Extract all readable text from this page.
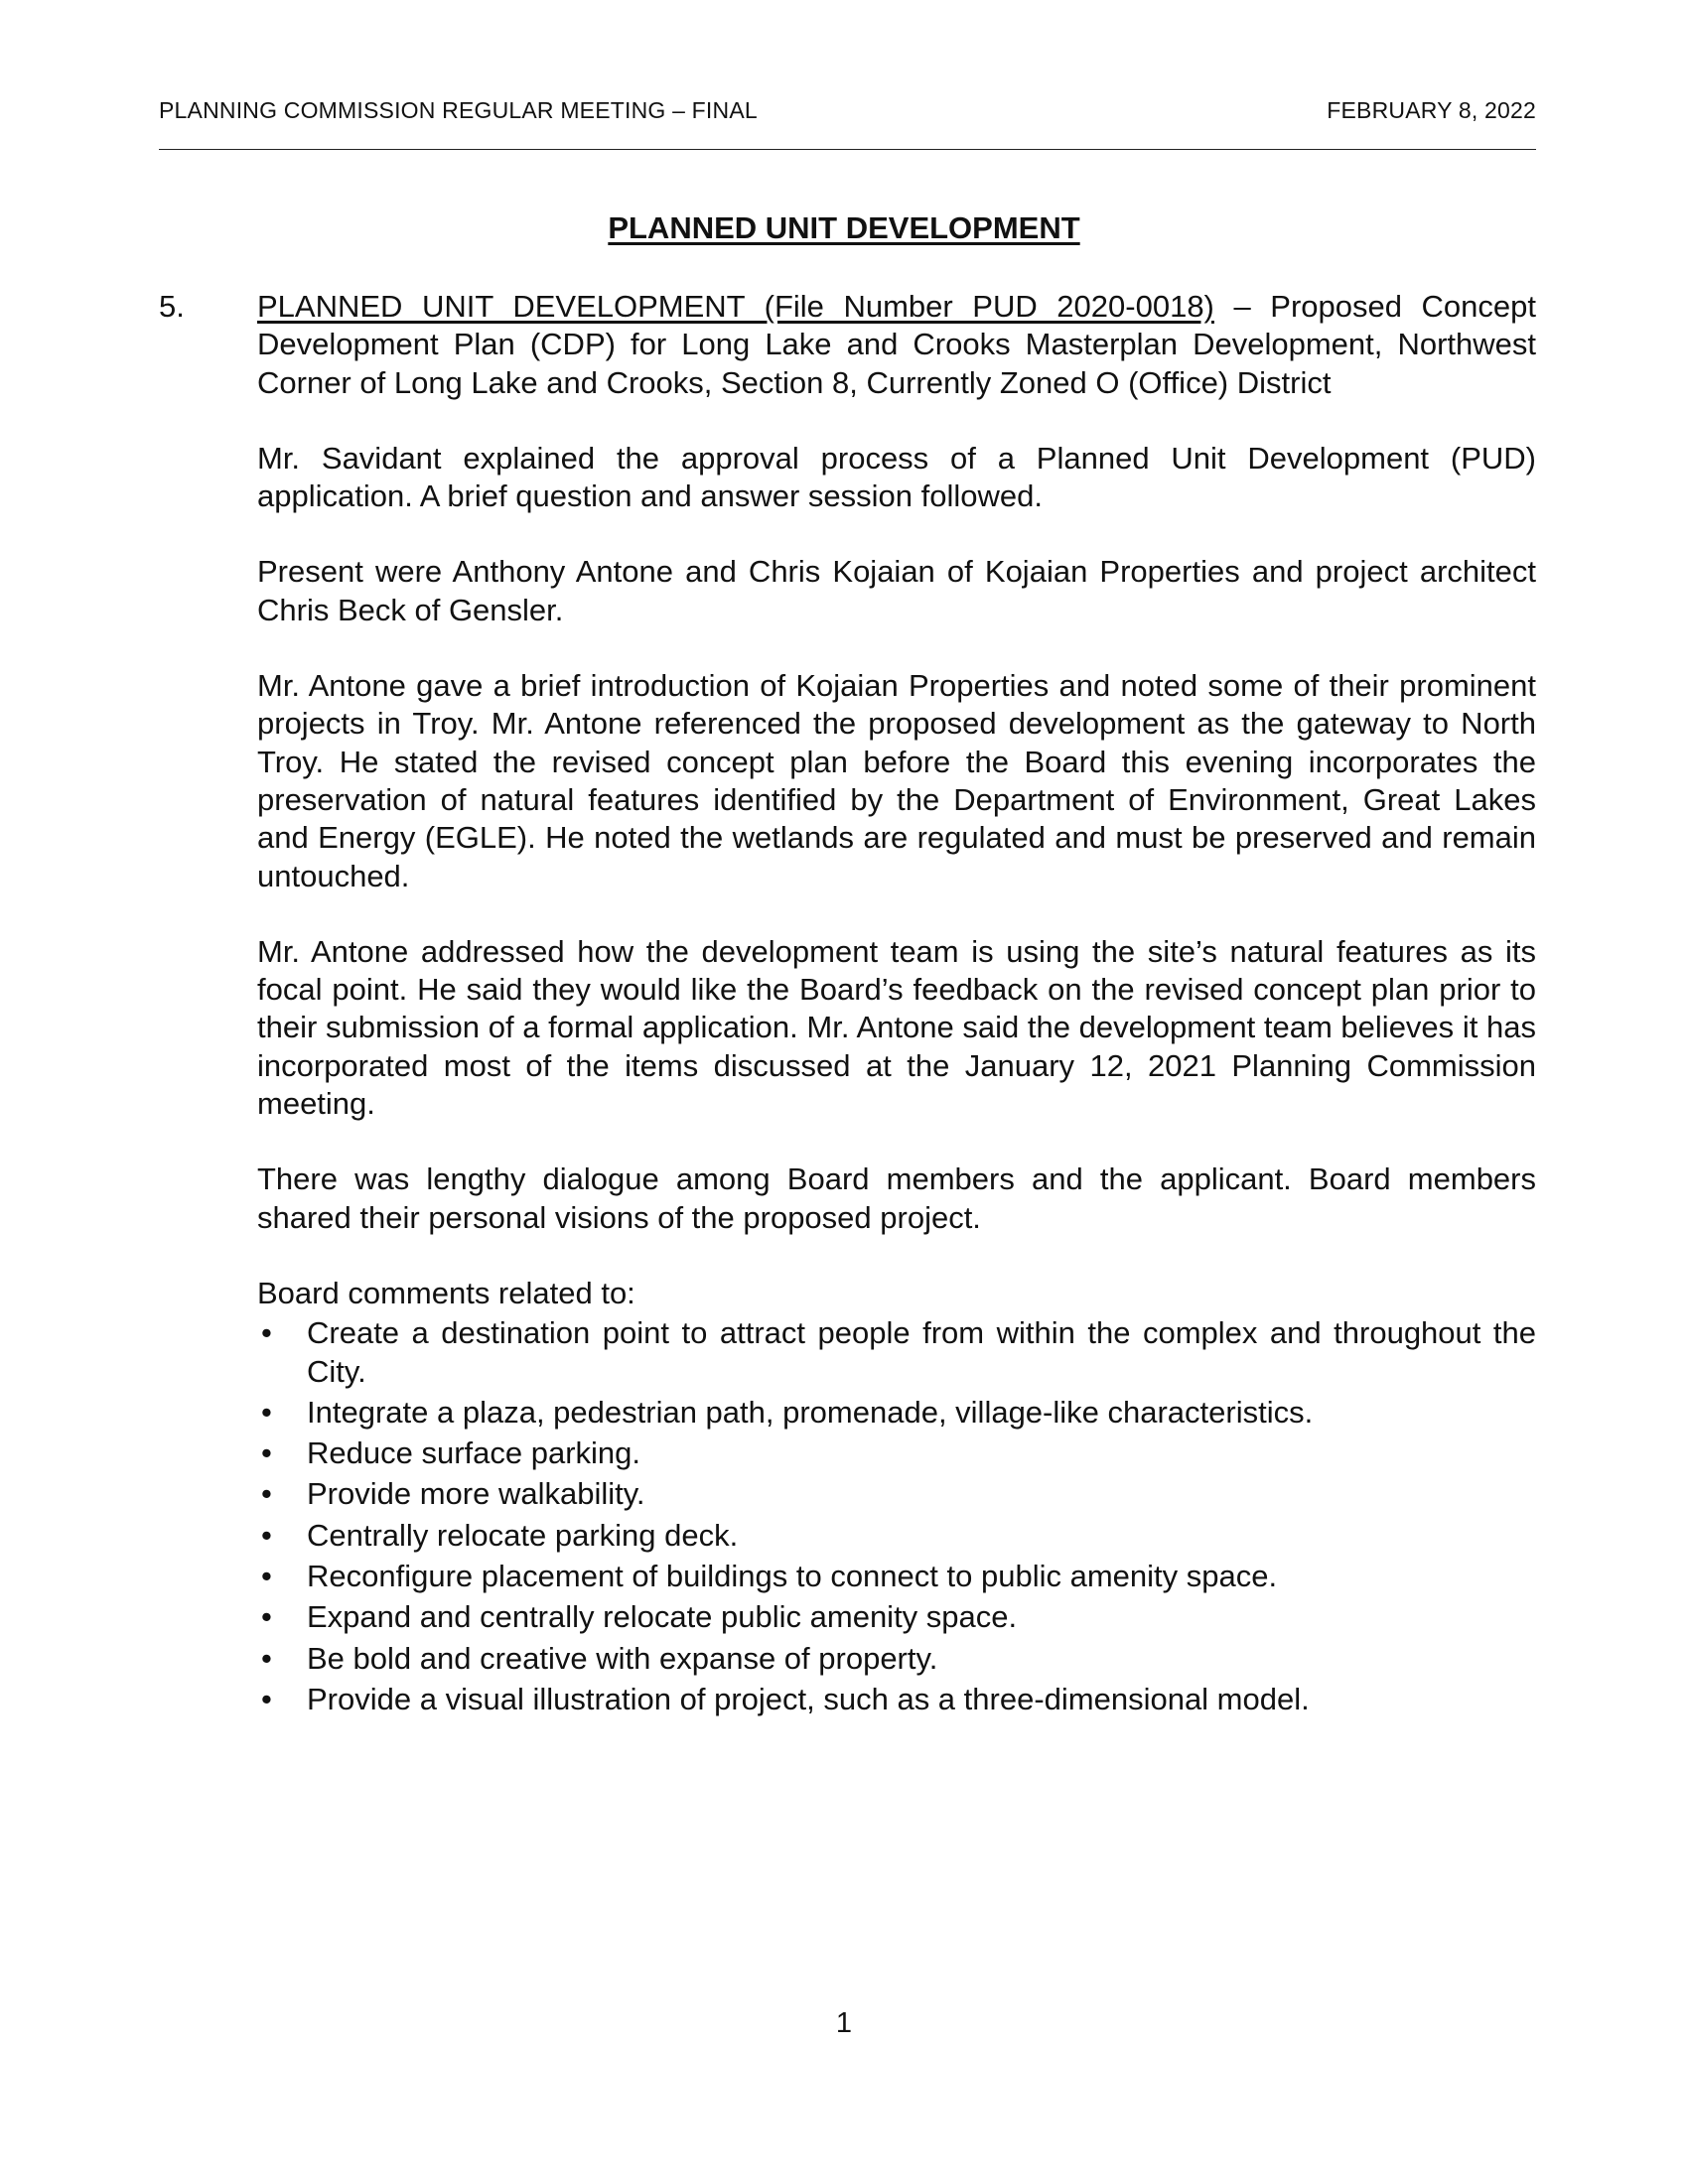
PLANNING COMMISSION REGULAR MEETING – FINAL	FEBRUARY 8, 2022
PLANNED UNIT DEVELOPMENT
5. PLANNED UNIT DEVELOPMENT (File Number PUD 2020-0018) – Proposed Concept Development Plan (CDP) for Long Lake and Crooks Masterplan Development, Northwest Corner of Long Lake and Crooks, Section 8, Currently Zoned O (Office) District

Mr. Savidant explained the approval process of a Planned Unit Development (PUD) application. A brief question and answer session followed.

Present were Anthony Antone and Chris Kojaian of Kojaian Properties and project architect Chris Beck of Gensler.

Mr. Antone gave a brief introduction of Kojaian Properties and noted some of their prominent projects in Troy. Mr. Antone referenced the proposed development as the gateway to North Troy. He stated the revised concept plan before the Board this evening incorporates the preservation of natural features identified by the Department of Environment, Great Lakes and Energy (EGLE). He noted the wetlands are regulated and must be preserved and remain untouched.

Mr. Antone addressed how the development team is using the site’s natural features as its focal point. He said they would like the Board’s feedback on the revised concept plan prior to their submission of a formal application. Mr. Antone said the development team believes it has incorporated most of the items discussed at the January 12, 2021 Planning Commission meeting.

There was lengthy dialogue among Board members and the applicant. Board members shared their personal visions of the proposed project.

Board comments related to:

• Create a destination point to attract people from within the complex and throughout the City.
• Integrate a plaza, pedestrian path, promenade, village-like characteristics.
• Reduce surface parking.
• Provide more walkability.
• Centrally relocate parking deck.
• Reconfigure placement of buildings to connect to public amenity space.
• Expand and centrally relocate public amenity space.
• Be bold and creative with expanse of property.
• Provide a visual illustration of project, such as a three-dimensional model.
1
